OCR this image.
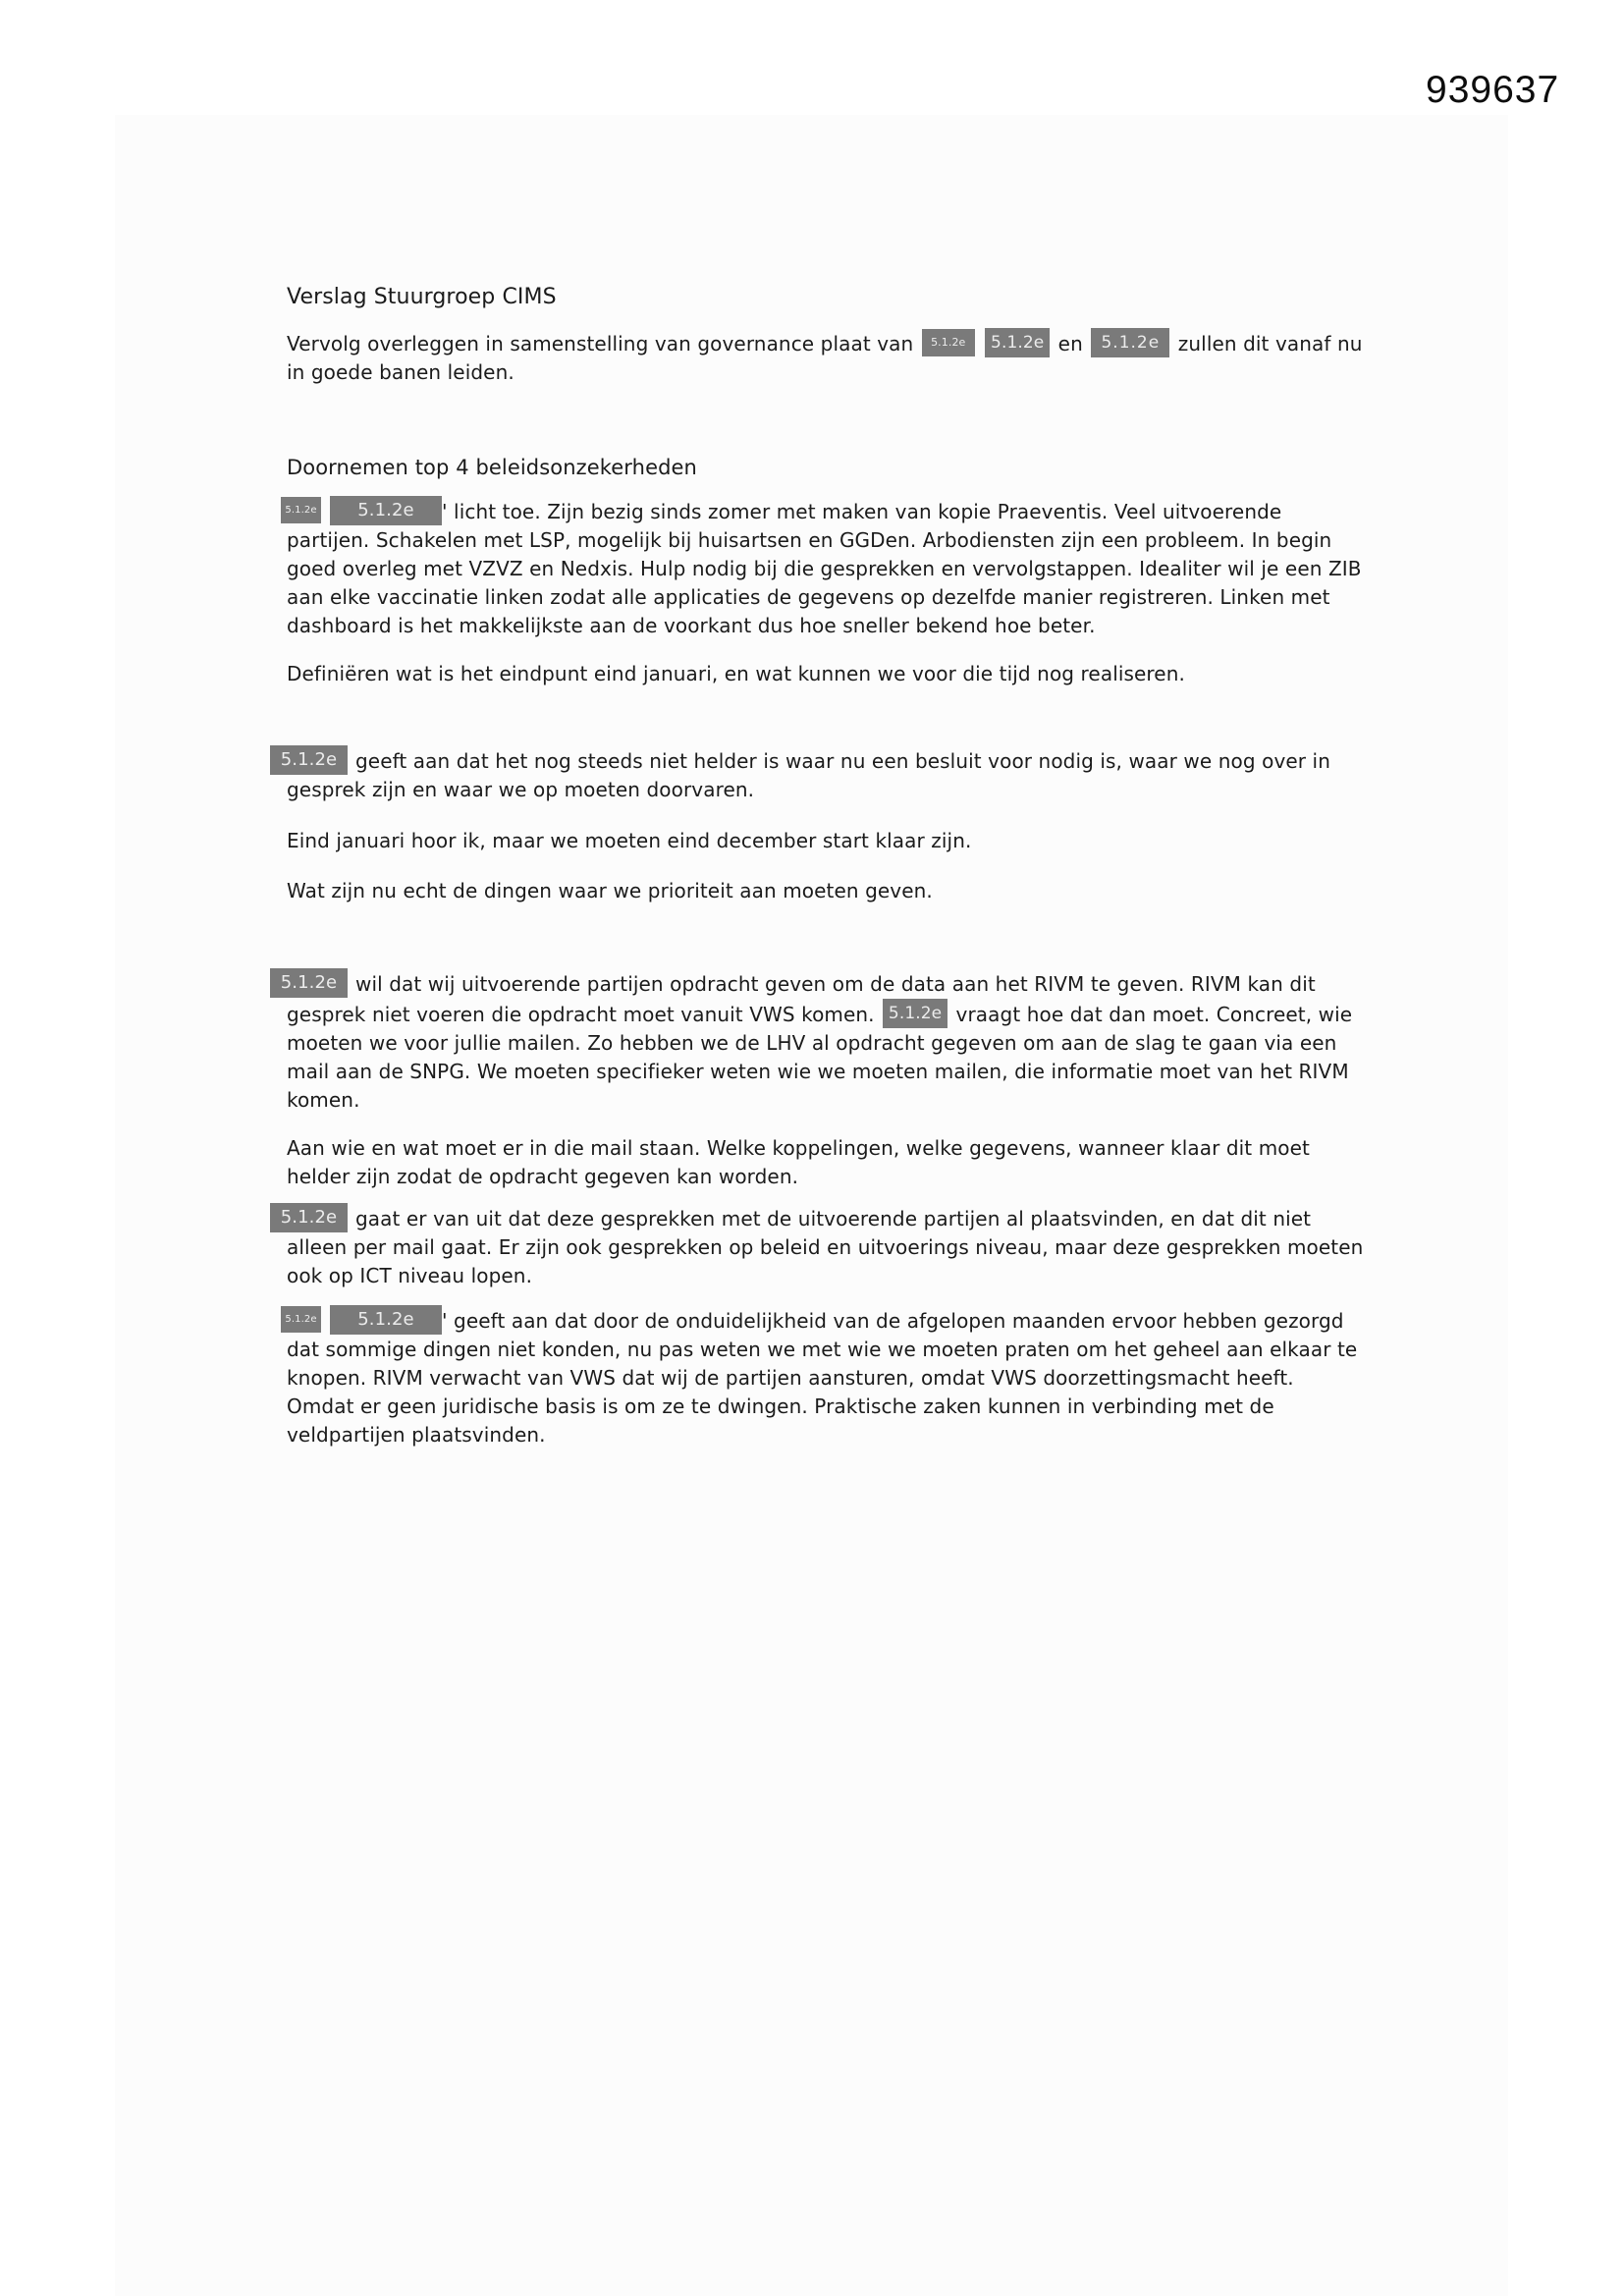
939637
Verslag Stuurgroep CIMS
Vervolg overleggen in samenstelling van governance plaat van 5.1.2e 5.1.2e en 5.1.2e zullen dit vanaf nu in goede banen leiden.
Doornemen top 4 beleidsonzekerheden
5.1.2e 5.1.2e ' licht toe. Zijn bezig sinds zomer met maken van kopie Praeventis. Veel uitvoerende partijen. Schakelen met LSP, mogelijk bij huisartsen en GGDen. Arbodiensten zijn een probleem. In begin goed overleg met VZVZ en Nedxis. Hulp nodig bij die gesprekken en vervolgstappen. Idealiter wil je een ZIB aan elke vaccinatie linken zodat alle applicaties de gegevens op dezelfde manier registreren. Linken met dashboard is het makkelijkste aan de voorkant dus hoe sneller bekend hoe beter.
Definiëren wat is het eindpunt eind januari, en wat kunnen we voor die tijd nog realiseren.
5.1.2e geeft aan dat het nog steeds niet helder is waar nu een besluit voor nodig is, waar we nog over in gesprek zijn en waar we op moeten doorvaren.
Eind januari hoor ik, maar we moeten eind december start klaar zijn.
Wat zijn nu echt de dingen waar we prioriteit aan moeten geven.
5.1.2e wil dat wij uitvoerende partijen opdracht geven om de data aan het RIVM te geven. RIVM kan dit gesprek niet voeren die opdracht moet vanuit VWS komen. 5.1.2e vraagt hoe dat dan moet. Concreet, wie moeten we voor jullie mailen. Zo hebben we de LHV al opdracht gegeven om aan de slag te gaan via een mail aan de SNPG. We moeten specifieker weten wie we moeten mailen, die informatie moet van het RIVM komen.
Aan wie en wat moet er in die mail staan. Welke koppelingen, welke gegevens, wanneer klaar dit moet helder zijn zodat de opdracht gegeven kan worden.
5.1.2e gaat er van uit dat deze gesprekken met de uitvoerende partijen al plaatsvinden, en dat dit niet alleen per mail gaat. Er zijn ook gesprekken op beleid en uitvoerings niveau, maar deze gesprekken moeten ook op ICT niveau lopen.
5.1.2e 5.1.2e ' geeft aan dat door de onduidelijkheid van de afgelopen maanden ervoor hebben gezorgd dat sommige dingen niet konden, nu pas weten we met wie we moeten praten om het geheel aan elkaar te knopen. RIVM verwacht van VWS dat wij de partijen aansturen, omdat VWS doorzettingsmacht heeft. Omdat er geen juridische basis is om ze te dwingen. Praktische zaken kunnen in verbinding met de veldpartijen plaatsvinden.
